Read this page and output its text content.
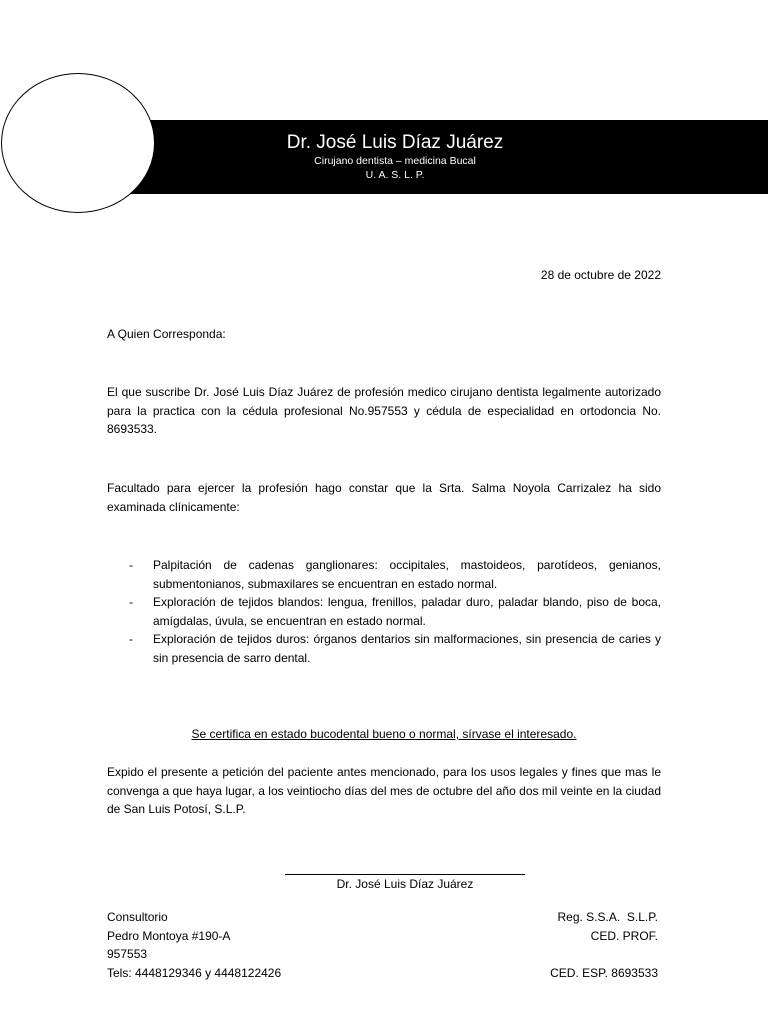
Dr. José Luis Díaz Juárez
Cirujano dentista – medicina Bucal
U. A. S. L. P.
28 de octubre de 2022
A Quien Corresponda:
El que suscribe Dr. José Luis Díaz Juárez de profesión medico cirujano dentista legalmente autorizado para la practica con la cédula profesional No.957553 y cédula de especialidad en ortodoncia No. 8693533.
Facultado para ejercer la profesión hago constar que la Srta. Salma Noyola Carrizalez ha sido examinada clínicamente:
- Palpitación de cadenas ganglionares: occipitales, mastoideos, parotídeos, genianos, submentonianos, submaxilares se encuentran en estado normal.
- Exploración de tejidos blandos: lengua, frenillos, paladar duro, paladar blando, piso de boca, amígdalas, úvula, se encuentran en estado normal.
- Exploración de tejidos duros: órganos dentarios sin malformaciones, sin presencia de caries y sin presencia de sarro dental.
Se certifica en estado bucodental bueno o normal, sírvase el interesado.
Expido el presente a petición del paciente antes mencionado, para los usos legales y fines que mas le convenga a que haya lugar, a los veintiocho días del mes de octubre del año dos mil veinte en la ciudad de San Luis Potosí, S.L.P.
Dr. José Luis Díaz Juárez
Consultorio
Pedro Montoya #190-A
957553
Tels: 4448129346 y 4448122426
Reg. S.S.A.  S.L.P.
CED. PROF.

CED. ESP. 8693533
